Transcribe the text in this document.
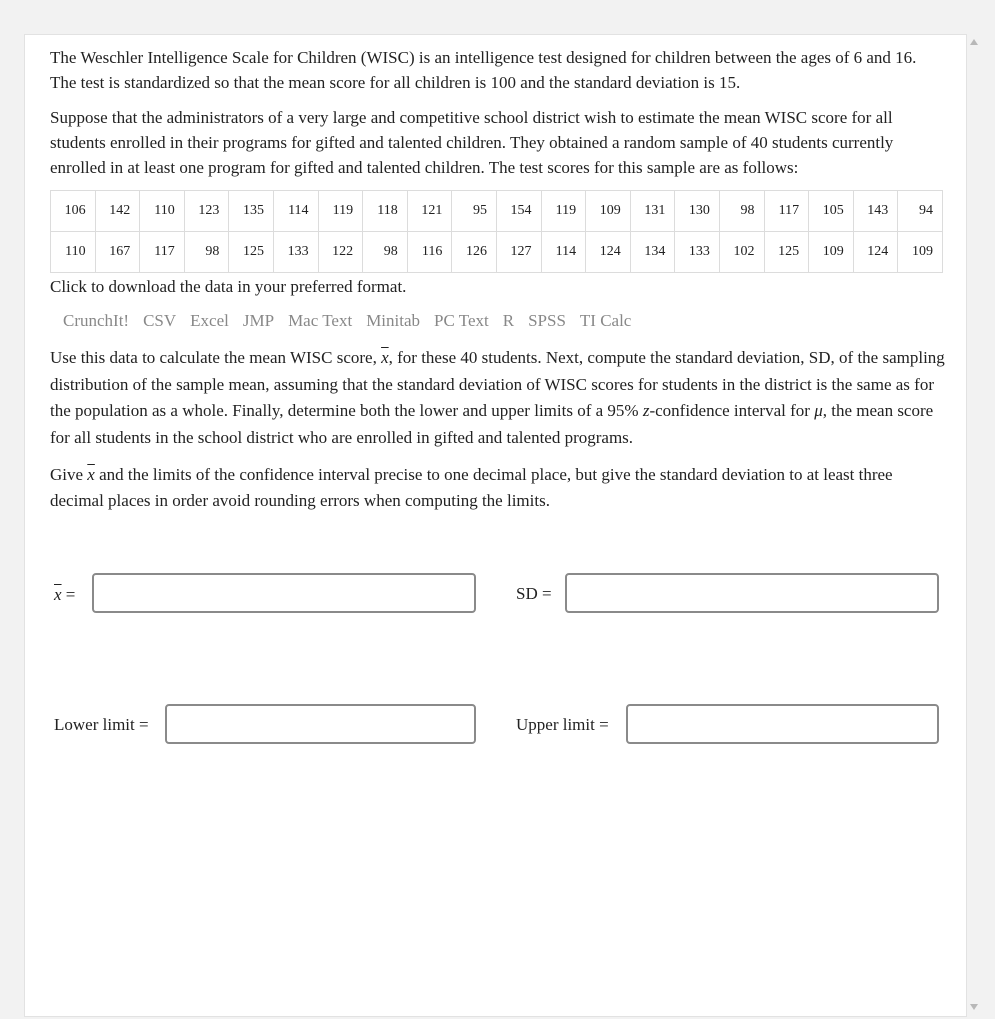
The Weschler Intelligence Scale for Children (WISC) is an intelligence test designed for children between the ages of 6 and 16. The test is standardized so that the mean score for all children is 100 and the standard deviation is 15.

Suppose that the administrators of a very large and competitive school district wish to estimate the mean WISC score for all students enrolled in their programs for gifted and talented children. They obtained a random sample of 40 students currently enrolled in at least one program for gifted and talented children. The test scores for this sample are as follows:

106	142	110	123	135	114	119	118	121	95	154	119	109	131	130	98	117	105	143	94
110	167	117	98	125	133	122	98	116	126	127	114	124	134	133	102	125	109	124	109
Click to download the data in your preferred format.
CrunchIt! CSV Excel JMP Mac Text Minitab PC Text R SPSS TI Calc

Use this data to calculate the mean WISC score, $\overline{x}$, for these 40 students. Next, compute the standard deviation, SD, of the sampling distribution of the sample mean, assuming that the standard deviation of WISC scores for students in the district is the same as for the population as a whole. Finally, determine both the lower and upper limits of a 95% z-confidence interval for μ, the mean score for all students in the school district who are enrolled in gifted and talented programs.

Give $\overline{x}$ and the limits of the confidence interval precise to one decimal place, but give the standard deviation to at least three decimal places in order avoid rounding errors when computing the limits.

$\overline{x}$ =	SD =
Lower limit =	Upper limit =
